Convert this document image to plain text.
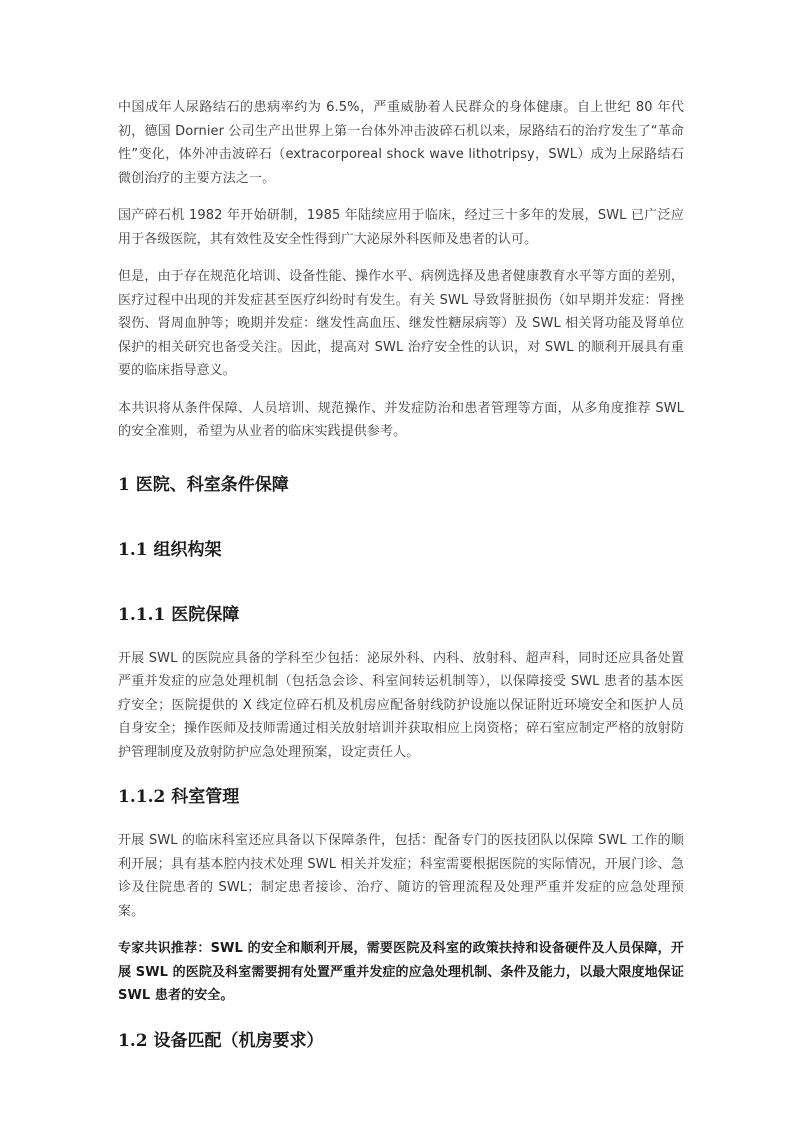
中国成年人尿路结石的患病率约为 6.5%，严重威胁着人民群众的身体健康。自上世纪 80 年代初，德国 Dornier 公司生产出世界上第一台体外冲击波碎石机以来，尿路结石的治疗发生了“革命性”变化，体外冲击波碎石（extracorporeal shock wave lithotripsy，SWL）成为上尿路结石微创治疗的主要方法之一。

国产碎石机 1982 年开始研制，1985 年陆续应用于临床，经过三十多年的发展，SWL 已广泛应用于各级医院，其有效性及安全性得到广大泌尿外科医师及患者的认可。

但是，由于存在规范化培训、设备性能、操作水平、病例选择及患者健康教育水平等方面的差别，医疗过程中出现的并发症甚至医疗纠纷时有发生。有关 SWL 导致肾脏损伤（如早期并发症：肾挫裂伤、肾周血肿等；晚期并发症：继发性高血压、继发性糖尿病等）及 SWL 相关肾功能及肾单位保护的相关研究也备受关注。因此，提高对 SWL 治疗安全性的认识，对 SWL 的顺利开展具有重要的临床指导意义。

本共识将从条件保障、人员培训、规范操作、并发症防治和患者管理等方面，从多角度推荐 SWL 的安全准则，希望为从业者的临床实践提供参考。

1 医院、科室条件保障
1.1 组织构架
1.1.1 医院保障

开展 SWL 的医院应具备的学科至少包括：泌尿外科、内科、放射科、超声科，同时还应具备处置严重并发症的应急处理机制（包括急会诊、科室间转运机制等），以保障接受 SWL 患者的基本医疗安全；医院提供的 X 线定位碎石机及机房应配备射线防护设施以保证附近环境安全和医护人员自身安全；操作医师及技师需通过相关放射培训并获取相应上岗资格；碎石室应制定严格的放射防护管理制度及放射防护应急处理预案，设定责任人。

1.1.2 科室管理

开展 SWL 的临床科室还应具备以下保障条件，包括：配备专门的医技团队以保障 SWL 工作的顺利开展；具有基本腔内技术处理 SWL 相关并发症；科室需要根据医院的实际情况，开展门诊、急诊及住院患者的 SWL；制定患者接诊、治疗、随访的管理流程及处理严重并发症的应急处理预案。

专家共识推荐：SWL 的安全和顺利开展，需要医院及科室的政策扶持和设备硬件及人员保障，开展 SWL 的医院及科室需要拥有处置严重并发症的应急处理机制、条件及能力，以最大限度地保证 SWL 患者的安全。

1.2 设备匹配（机房要求）
